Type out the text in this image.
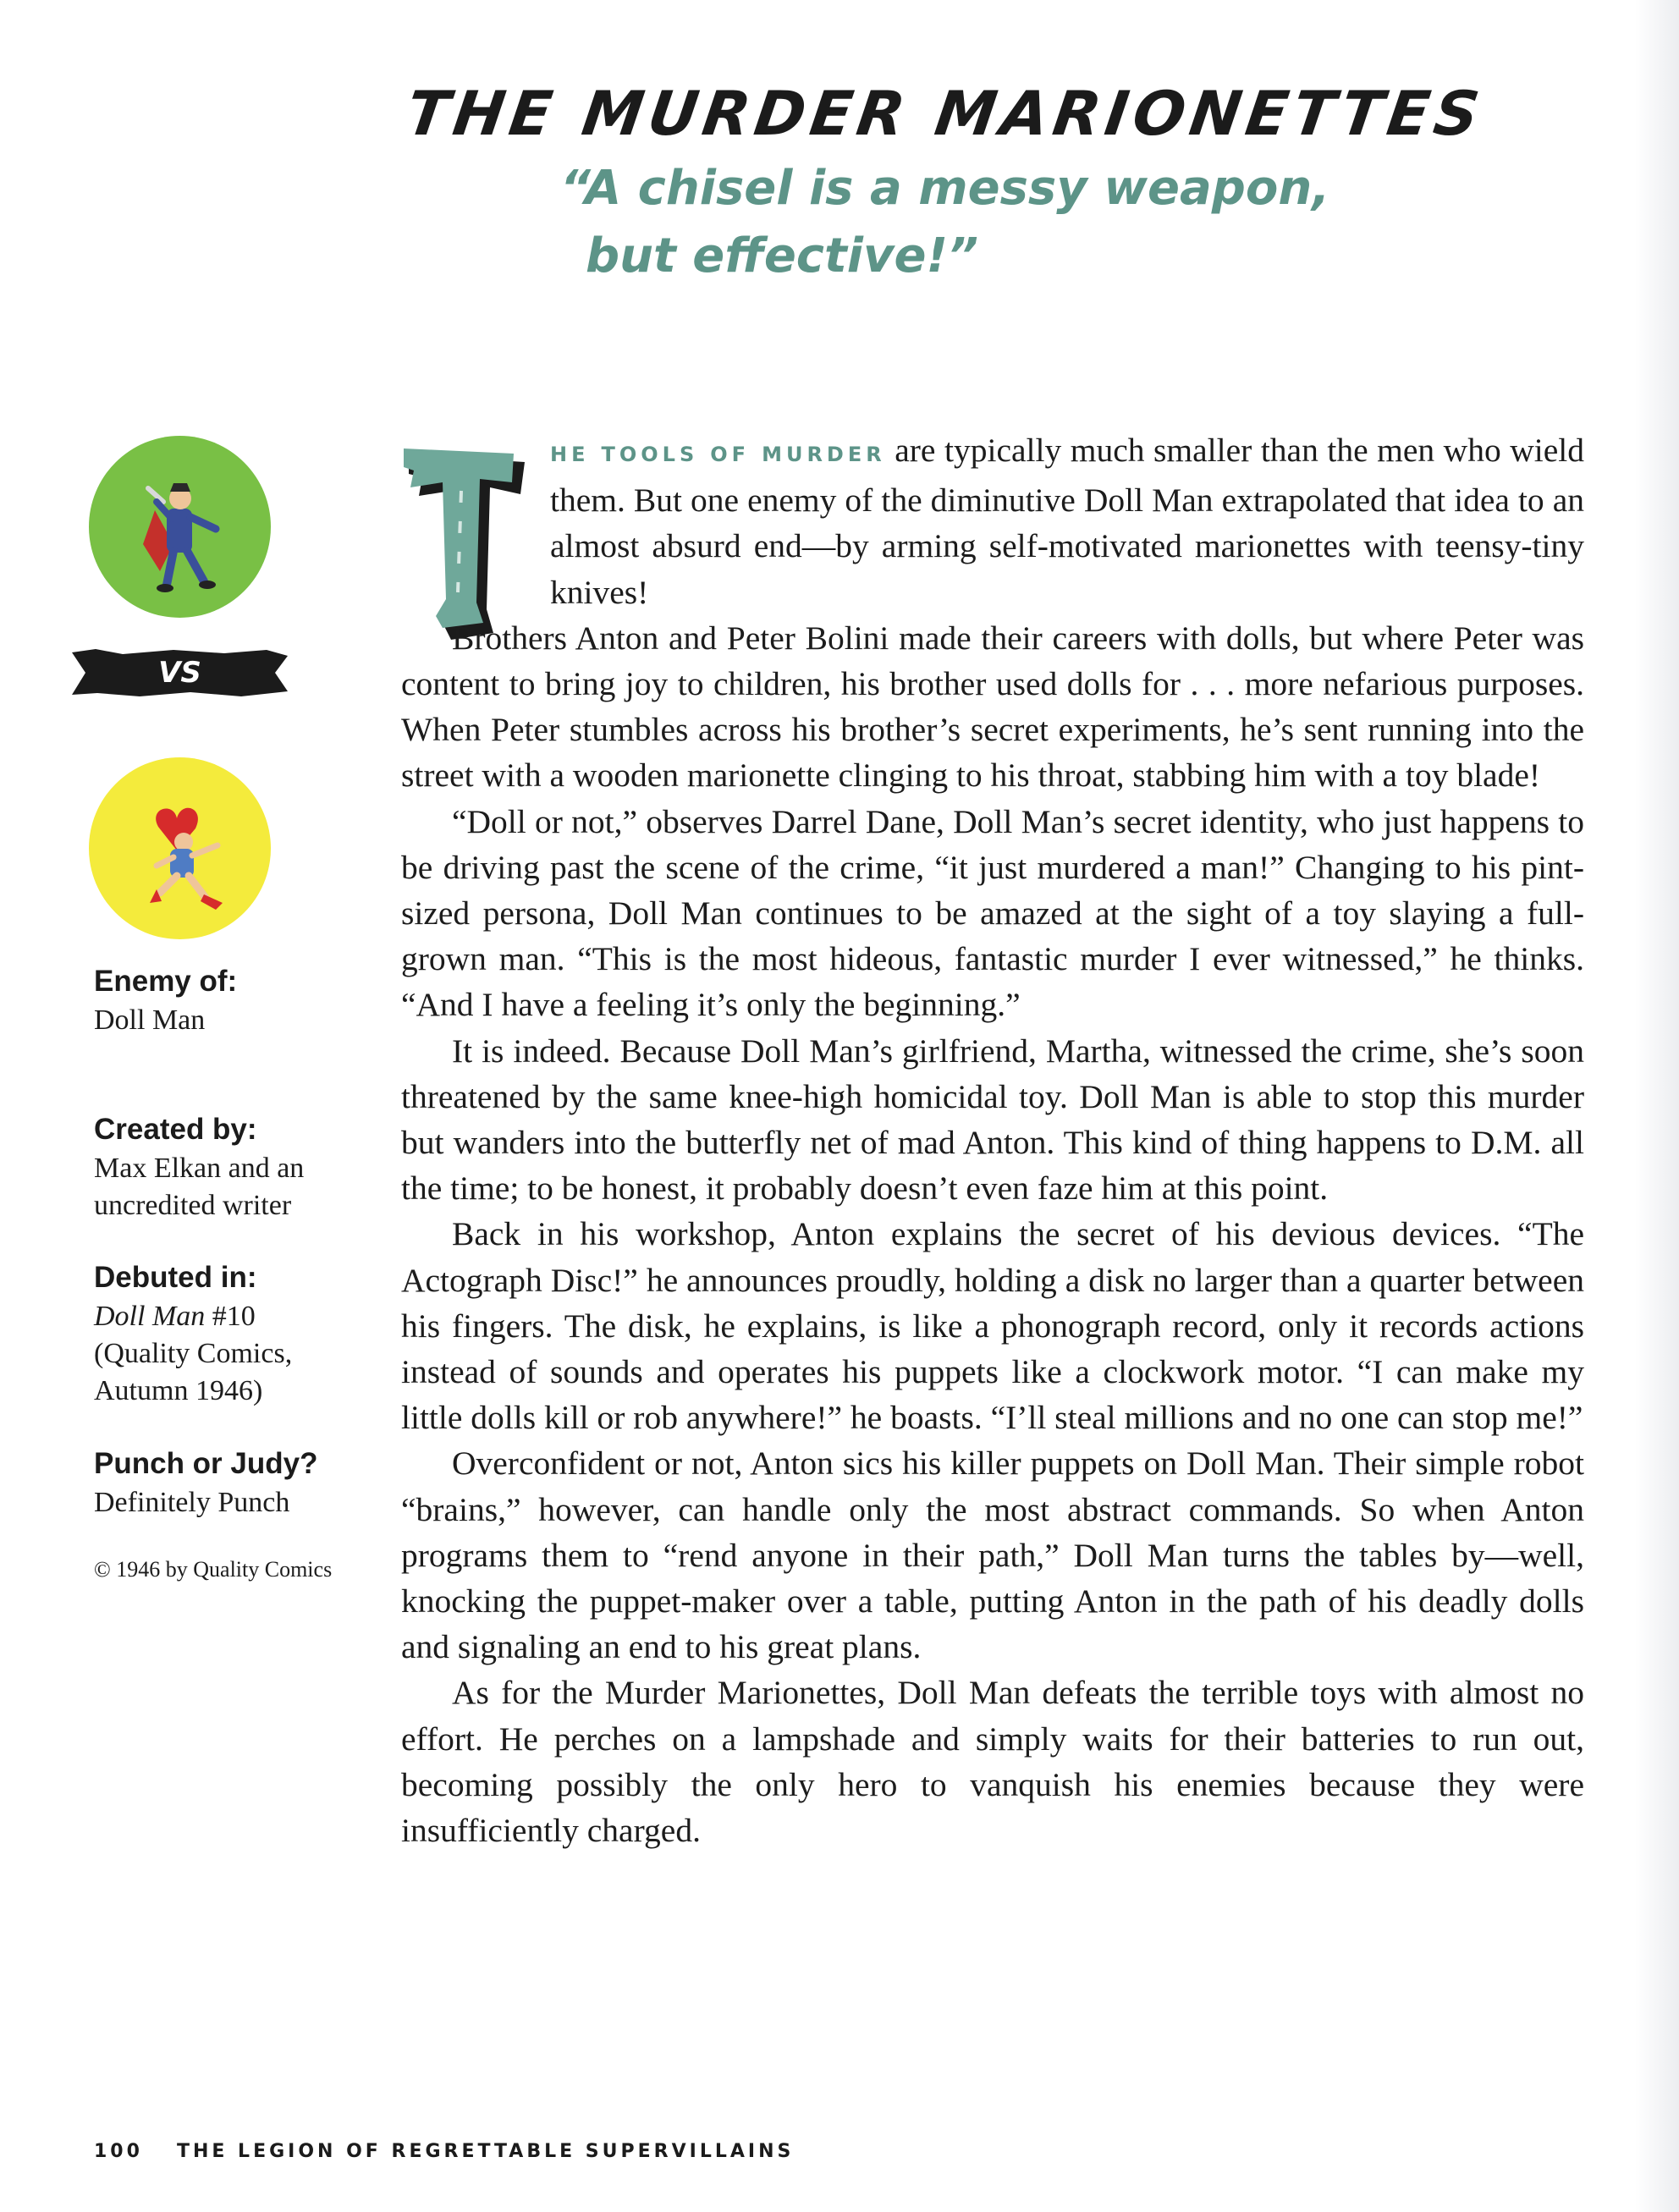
THE MURDER MARIONETTES
“A chisel is a messy weapon,
but effective!”
VS
Enemy of:
Doll Man
Created by:
Max Elkan and an
uncredited writer
Debuted in:
Doll Man #10
(Quality Comics,
Autumn 1946)
Punch or Judy?
Definitely Punch
© 1946 by Quality Comics

HE TOOLS OF MURDER are typically much smaller than the men who wield them. But one enemy of the diminutive Doll Man extrapolated that idea to an almost absurd end—by arming self-motivated marionettes with teensy-tiny knives!

Brothers Anton and Peter Bolini made their careers with dolls, but where Peter was content to bring joy to children, his brother used dolls for . . . more nefarious purposes. When Peter stumbles across his brother’s secret experiments, he’s sent running into the street with a wooden marionette clinging to his throat, stabbing him with a toy blade!

“Doll or not,” observes Darrel Dane, Doll Man’s secret identity, who just happens to be driving past the scene of the crime, “it just murdered a man!” Changing to his pint-sized persona, Doll Man continues to be amazed at the sight of a toy slaying a full-grown man. “This is the most hideous, fantastic murder I ever witnessed,” he thinks. “And I have a feeling it’s only the beginning.”

It is indeed. Because Doll Man’s girlfriend, Martha, witnessed the crime, she’s soon threatened by the same knee-high homicidal toy. Doll Man is able to stop this murder but wanders into the butterfly net of mad Anton. This kind of thing happens to D.M. all the time; to be honest, it probably doesn’t even faze him at this point.

Back in his workshop, Anton explains the secret of his devious devices. “The Actograph Disc!” he announces proudly, holding a disk no larger than a quarter between his fingers. The disk, he explains, is like a phonograph record, only it records actions instead of sounds and operates his puppets like a clockwork motor. “I can make my little dolls kill or rob anywhere!” he boasts. “I’ll steal millions and no one can stop me!”

Overconfident or not, Anton sics his killer puppets on Doll Man. Their simple robot “brains,” however, can handle only the most abstract commands. So when Anton programs them to “rend anyone in their path,” Doll Man turns the tables by—well, knocking the puppet-maker over a table, putting Anton in the path of his deadly dolls and signaling an end to his great plans.

As for the Murder Marionettes, Doll Man defeats the terrible toys with almost no effort. He perches on a lampshade and simply waits for their batteries to run out, becoming possibly the only hero to vanquish his enemies because they were insufficiently charged.

100 THE LEGION OF REGRETTABLE SUPERVILLAINS
